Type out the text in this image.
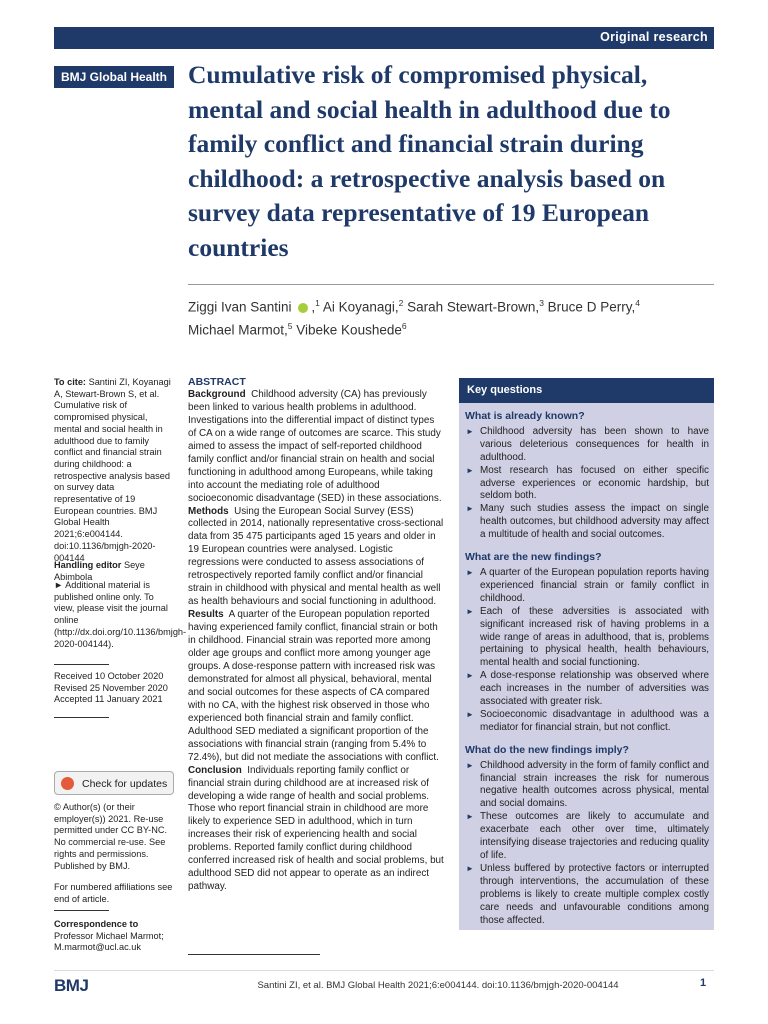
Original research
BMJ Global Health Cumulative risk of compromised physical, mental and social health in adulthood due to family conflict and financial strain during childhood: a retrospective analysis based on survey data representative of 19 European countries
Ziggi Ivan Santini ,$^1$ Ai Koyanagi,$^2$ Sarah Stewart-Brown,$^3$ Bruce D Perry,$^4$
Michael Marmot,$^5$ Vibeke Koushede$^6$
To cite: Santini ZI, Koyanagi A, Stewart-Brown S, et al. Cumulative risk of compromised physical, mental and social health in adulthood due to family conflict and financial strain during childhood: a retrospective analysis based on survey data representative of 19 European countries. BMJ Global Health 2021;6:e004144. doi:10.1136/bmjgh-2020-004144
Handling editor Seye Abimbola
► Additional material is published online only. To view, please visit the journal online (http://dx.doi.org/10.1136/bmjgh-2020-004144).
Received 10 October 2020
Revised 25 November 2020
Accepted 11 January 2021
Check for updates
© Author(s) (or their employer(s)) 2021. Re-use permitted under CC BY-NC. No commercial re-use. See rights and permissions. Published by BMJ.
For numbered affiliations see end of article.
Correspondence to
Professor Michael Marmot;
M.marmot@ucl.ac.uk
ABSTRACT
Background Childhood adversity (CA) has previously been linked to various health problems in adulthood. Investigations into the differential impact of distinct types of CA on a wide range of outcomes are scarce. This study aimed to assess the impact of self-reported childhood family conflict and/or financial strain on health and social functioning in adulthood among Europeans, while taking into account the mediating role of adulthood socioeconomic disadvantage (SED) in these associations.
Methods Using the European Social Survey (ESS) collected in 2014, nationally representative cross-sectional data from 35 475 participants aged 15 years and older in 19 European countries were analysed. Logistic regressions were conducted to assess associations of retrospectively reported family conflict and/or financial strain in childhood with physical and mental health as well as health behaviours and social functioning in adulthood.
Results A quarter of the European population reported having experienced family conflict, financial strain or both in childhood. Financial strain was reported more among older age groups and conflict more among younger age groups. A dose-response pattern with increased risk was demonstrated for almost all physical, behavioral, mental and social outcomes for these aspects of CA compared with no CA, with the highest risk observed in those who experienced both financial strain and family conflict. Adulthood SED mediated a significant proportion of the associations with financial strain (ranging from 5.4% to 72.4%), but did not mediate the associations with conflict.
Conclusion Individuals reporting family conflict or financial strain during childhood are at increased risk of developing a wide range of health and social problems. Those who report financial strain in childhood are more likely to experience SED in adulthood, which in turn increases their risk of experiencing health and social problems. Reported family conflict during childhood conferred increased risk of health and social problems, but adulthood SED did not appear to operate as an indirect pathway.
Key questions
What is already known?
► Childhood adversity has been shown to have various deleterious consequences for health in adulthood.
► Most research has focused on either specific adverse experiences or economic hardship, but seldom both.
► Many such studies assess the impact on single health outcomes, but childhood adversity may affect a multitude of health and social outcomes.
What are the new findings?
► A quarter of the European population reports having experienced financial strain or family conflict in childhood.
► Each of these adversities is associated with significant increased risk of having problems in a wide range of areas in adulthood, that is, problems pertaining to physical health, health behaviours, mental health and social functioning.
► A dose-response relationship was observed where each increases in the number of adversities was associated with greater risk.
► Socioeconomic disadvantage in adulthood was a mediator for financial strain, but not conflict.
What do the new findings imply?
► Childhood adversity in the form of family conflict and financial strain increases the risk for numerous negative health outcomes across physical, mental and social domains.
► These outcomes are likely to accumulate and exacerbate each other over time, ultimately intensifying disease trajectories and reducing quality of life.
► Unless buffered by protective factors or interrupted through interventions, the accumulation of these problems is likely to create multiple complex costly care needs and unfavourable conditions among those affected.
BMJ	Santini ZI, et al. BMJ Global Health 2021;6:e004144. doi:10.1136/bmjgh-2020-004144	1
